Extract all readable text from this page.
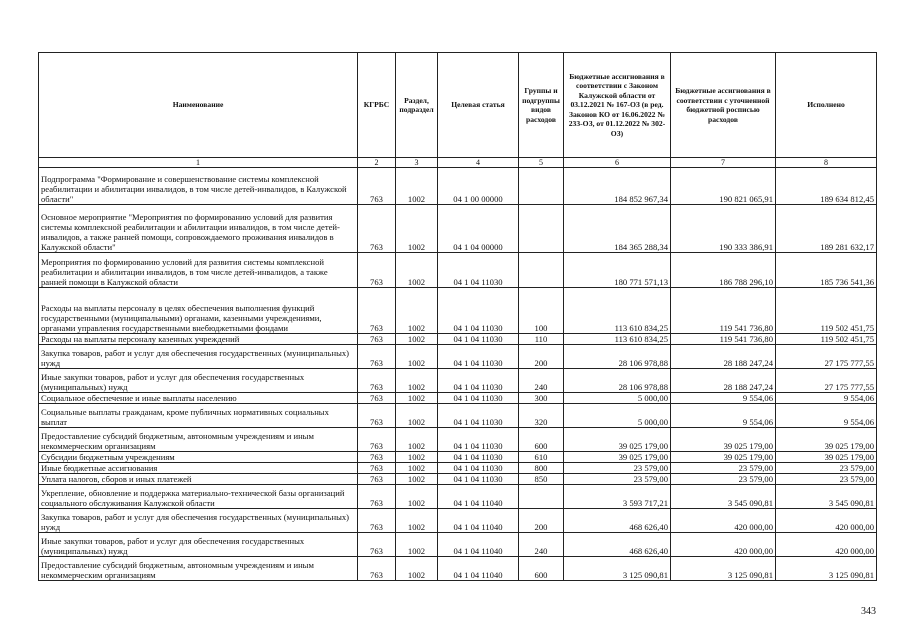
Наименование	КГРБС	Раздел, подраздел	Целевая статья	Группы и подгруппы видов расходов	Бюджетные ассигнования в соответствии с Законом Калужской области от 03.12.2021 № 167-ОЗ (в ред. Законов КО от 16.06.2022 № 233-ОЗ, от 01.12.2022 № 302-ОЗ)	Бюджетные ассигнования в соответствии с уточненной бюджетной росписью расходов	Исполнено
1	2	3	4	5	6	7	8
Подпрограмма "Формирование и совершенствование системы комплексной реабилитации и абилитации инвалидов, в том числе детей-инвалидов, в Калужской области"	763	1002	04 1 00 00000		184 852 967,34	190 821 065,91	189 634 812,45
Основное мероприятие "Мероприятия по формированию условий для развития системы комплексной реабилитации и абилитации инвалидов, в том числе детей-инвалидов, а также ранней помощи, сопровождаемого проживания инвалидов в Калужской области"	763	1002	04 1 04 00000		184 365 288,34	190 333 386,91	189 281 632,17
Мероприятия по формированию условий для развития системы комплексной реабилитации и абилитации инвалидов, в том числе детей-инвалидов, а также ранней помощи в Калужской области	763	1002	04 1 04 11030		180 771 571,13	186 788 296,10	185 736 541,36
Расходы на выплаты персоналу в целях обеспечения выполнения функций государственными (муниципальными) органами, казенными учреждениями, органами управления государственными внебюджетными фондами	763	1002	04 1 04 11030	100	113 610 834,25	119 541 736,80	119 502 451,75
Расходы на выплаты персоналу казенных учреждений	763	1002	04 1 04 11030	110	113 610 834,25	119 541 736,80	119 502 451,75
Закупка товаров, работ и услуг для обеспечения государственных (муниципальных) нужд	763	1002	04 1 04 11030	200	28 106 978,88	28 188 247,24	27 175 777,55
Иные закупки товаров, работ и услуг для обеспечения государственных (муниципальных) нужд	763	1002	04 1 04 11030	240	28 106 978,88	28 188 247,24	27 175 777,55
Социальное обеспечение и иные выплаты населению	763	1002	04 1 04 11030	300	5 000,00	9 554,06	9 554,06
Социальные выплаты гражданам, кроме публичных нормативных социальных выплат	763	1002	04 1 04 11030	320	5 000,00	9 554,06	9 554,06
Предоставление субсидий бюджетным, автономным учреждениям и иным некоммерческим организациям	763	1002	04 1 04 11030	600	39 025 179,00	39 025 179,00	39 025 179,00
Субсидии бюджетным учреждениям	763	1002	04 1 04 11030	610	39 025 179,00	39 025 179,00	39 025 179,00
Иные бюджетные ассигнования	763	1002	04 1 04 11030	800	23 579,00	23 579,00	23 579,00
Уплата налогов, сборов и иных платежей	763	1002	04 1 04 11030	850	23 579,00	23 579,00	23 579,00
Укрепление, обновление и поддержка материально-технической базы организаций социального обслуживания Калужской области	763	1002	04 1 04 11040		3 593 717,21	3 545 090,81	3 545 090,81
Закупка товаров, работ и услуг для обеспечения государственных (муниципальных) нужд	763	1002	04 1 04 11040	200	468 626,40	420 000,00	420 000,00
Иные закупки товаров, работ и услуг для обеспечения государственных (муниципальных) нужд	763	1002	04 1 04 11040	240	468 626,40	420 000,00	420 000,00
Предоставление субсидий бюджетным, автономным учреждениям и иным некоммерческим организациям	763	1002	04 1 04 11040	600	3 125 090,81	3 125 090,81	3 125 090,81
343
